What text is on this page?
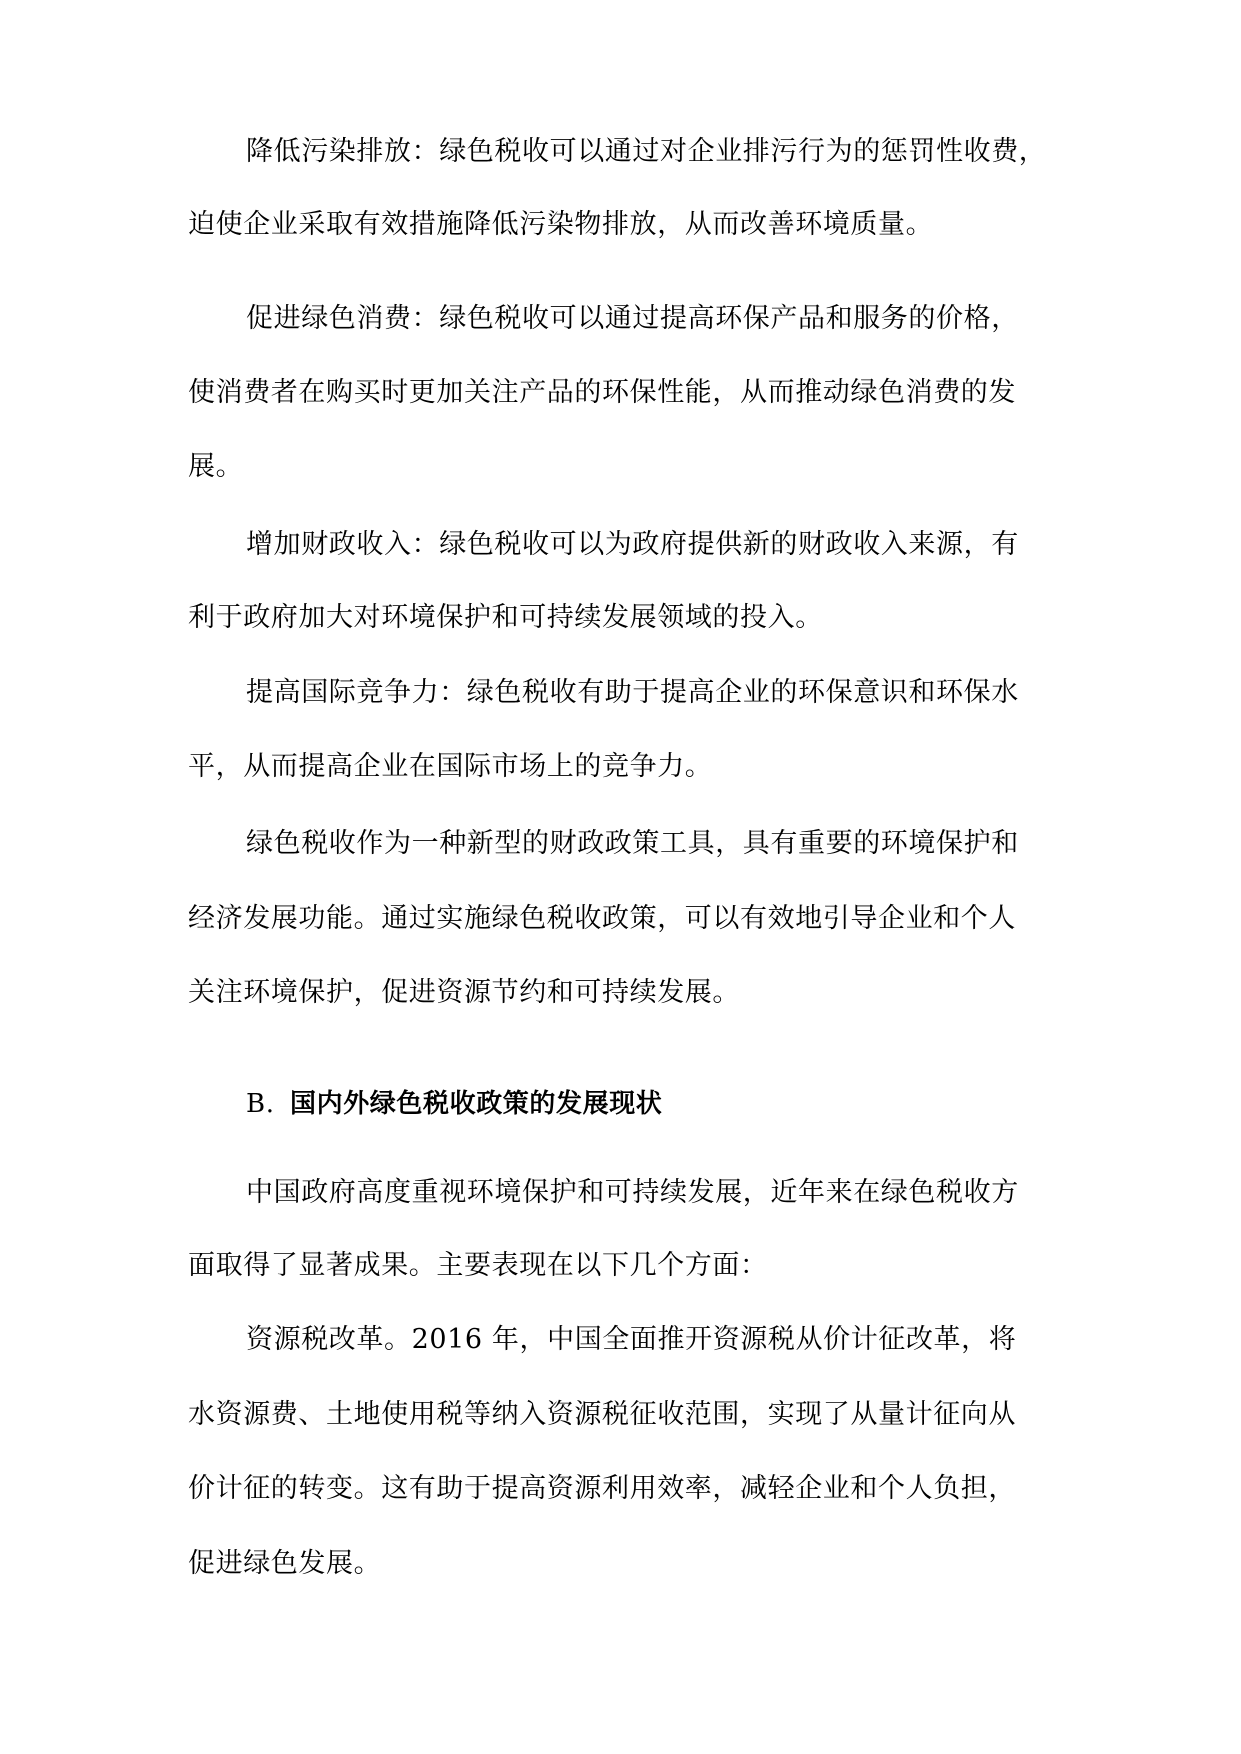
降低污染排放：绿色税收可以通过对企业排污行为的惩罚性收费，
迫使企业采取有效措施降低污染物排放，从而改善环境质量。
促进绿色消费：绿色税收可以通过提高环保产品和服务的价格，
使消费者在购买时更加关注产品的环保性能，从而推动绿色消费的发
展。
增加财政收入：绿色税收可以为政府提供新的财政收入来源，有
利于政府加大对环境保护和可持续发展领域的投入。
提高国际竞争力：绿色税收有助于提高企业的环保意识和环保水
平，从而提高企业在国际市场上的竞争力。
绿色税收作为一种新型的财政政策工具，具有重要的环境保护和
经济发展功能。通过实施绿色税收政策，可以有效地引导企业和个人
关注环境保护，促进资源节约和可持续发展。
B. 国内外绿色税收政策的发展现状
中国政府高度重视环境保护和可持续发展，近年来在绿色税收方
面取得了显著成果。主要表现在以下几个方面：
资源税改革。2016 年，中国全面推开资源税从价计征改革，将
水资源费、土地使用税等纳入资源税征收范围，实现了从量计征向从
价计征的转变。这有助于提高资源利用效率，减轻企业和个人负担，
促进绿色发展。
